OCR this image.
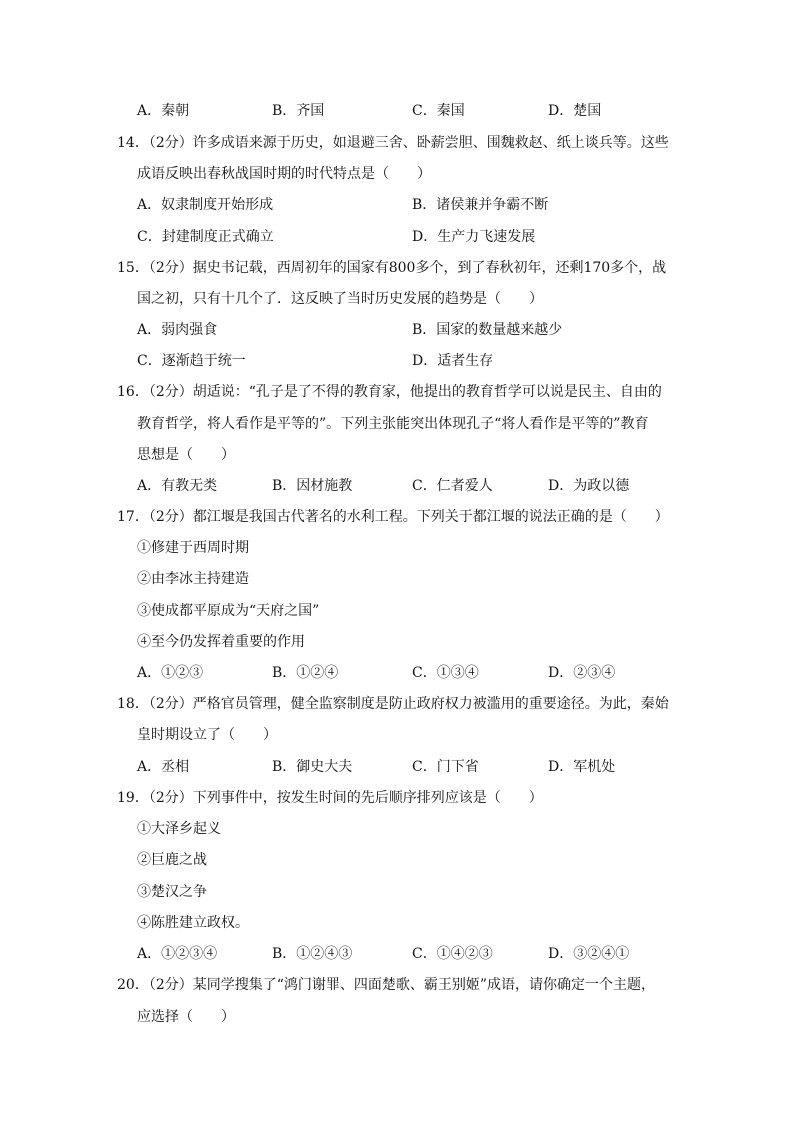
A．秦朝	B．齐国	C．秦国	D．楚国
14．（2分）许多成语来源于历史，如退避三舍、卧薪尝胆、围魏救赵、纸上谈兵等。这些
成语反映出春秋战国时期的时代特点是（　　）
A．奴隶制度开始形成	B．诸侯兼并争霸不断
C．封建制度正式确立	D．生产力飞速发展
15．（2分）据史书记载，西周初年的国家有800多个，到了春秋初年，还剩170多个，战
国之初，只有十几个了．这反映了当时历史发展的趋势是（　　）
A．弱肉强食	B．国家的数量越来越少
C．逐渐趋于统一	D．适者生存
16．（2分）胡适说：“孔子是了不得的教育家，他提出的教育哲学可以说是民主、自由的
教育哲学，将人看作是平等的”。下列主张能突出体现孔子“将人看作是平等的”教育
思想是（　　）
A．有教无类	B．因材施教	C．仁者爱人	D．为政以德
17．（2分）都江堰是我国古代著名的水利工程。下列关于都江堰的说法正确的是（　　）
①修建于西周时期
②由李冰主持建造
③使成都平原成为“天府之国”
④至今仍发挥着重要的作用
A．①②③	B．①②④	C．①③④	D．②③④
18．（2分）严格官员管理，健全监察制度是防止政府权力被滥用的重要途径。为此，秦始
皇时期设立了（　　）
A．丞相	B．御史大夫	C．门下省	D．军机处
19．（2分）下列事件中，按发生时间的先后顺序排列应该是（　　）
①大泽乡起义
②巨鹿之战
③楚汉之争
④陈胜建立政权。
A．①②③④	B．①②④③	C．①④②③	D．③②④①
20．（2分）某同学搜集了“鸿门谢罪、四面楚歌、霸王别姬”成语，请你确定一个主题，
应选择（　　）
